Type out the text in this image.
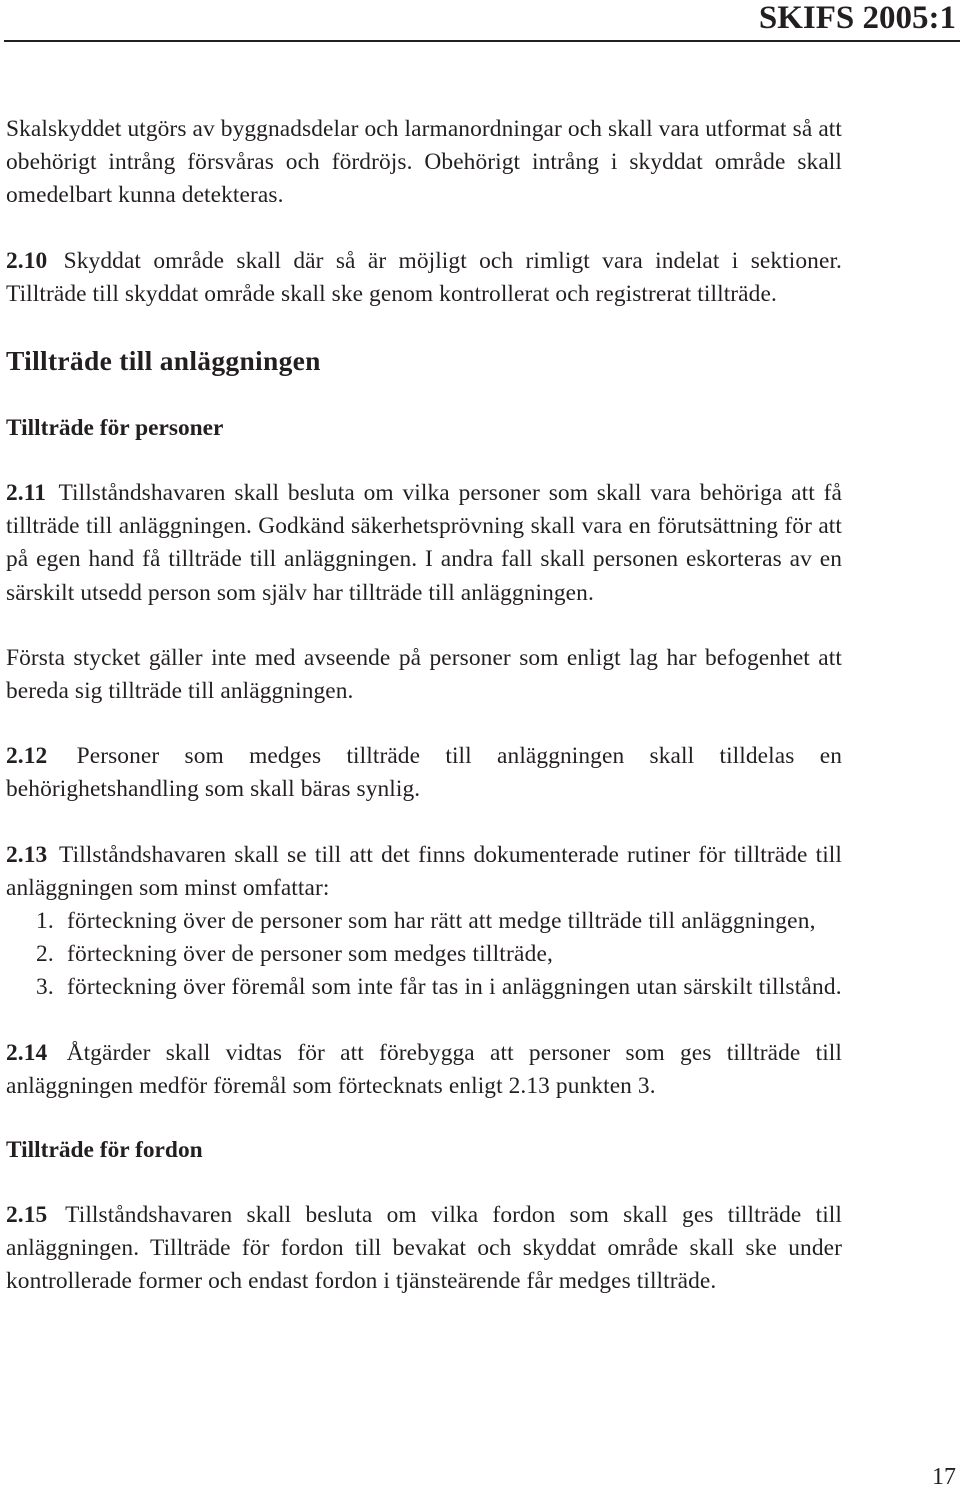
SKIFS 2005:1

Skalskyddet utgörs av byggnadsdelar och larmanordningar och skall vara utformat så att obehörigt intrång försvåras och fördröjs. Obehörigt intrång i skyddat område skall omedelbart kunna detekteras.

2.10 Skyddat område skall där så är möjligt och rimligt vara indelat i sektioner. Tillträde till skyddat område skall ske genom kontrollerat och registrerat tillträde.

Tillträde till anläggningen
Tillträde för personer

2.11 Tillståndshavaren skall besluta om vilka personer som skall vara behöriga att få tillträde till anläggningen. Godkänd säkerhetsprövning skall vara en förutsättning för att på egen hand få tillträde till anläggningen. I andra fall skall personen eskorteras av en särskilt utsedd person som själv har tillträde till anläggningen.

Första stycket gäller inte med avseende på personer som enligt lag har befogenhet att bereda sig tillträde till anläggningen.

2.12 Personer som medges tillträde till anläggningen skall tilldelas en behörighetshandling som skall bäras synlig.

2.13 Tillståndshavaren skall se till att det finns dokumenterade rutiner för tillträde till anläggningen som minst omfattar:

1. förteckning över de personer som har rätt att medge tillträde till anläggningen,
2. förteckning över de personer som medges tillträde,
3. förteckning över föremål som inte får tas in i anläggningen utan särskilt tillstånd.

2.14 Åtgärder skall vidtas för att förebygga att personer som ges tillträde till anläggningen medför föremål som förtecknats enligt 2.13 punkten 3.

Tillträde för fordon

2.15 Tillståndshavaren skall besluta om vilka fordon som skall ges tillträde till anläggningen. Tillträde för fordon till bevakat och skyddat område skall ske under kontrollerade former och endast fordon i tjänsteärende får medges tillträde.

17
